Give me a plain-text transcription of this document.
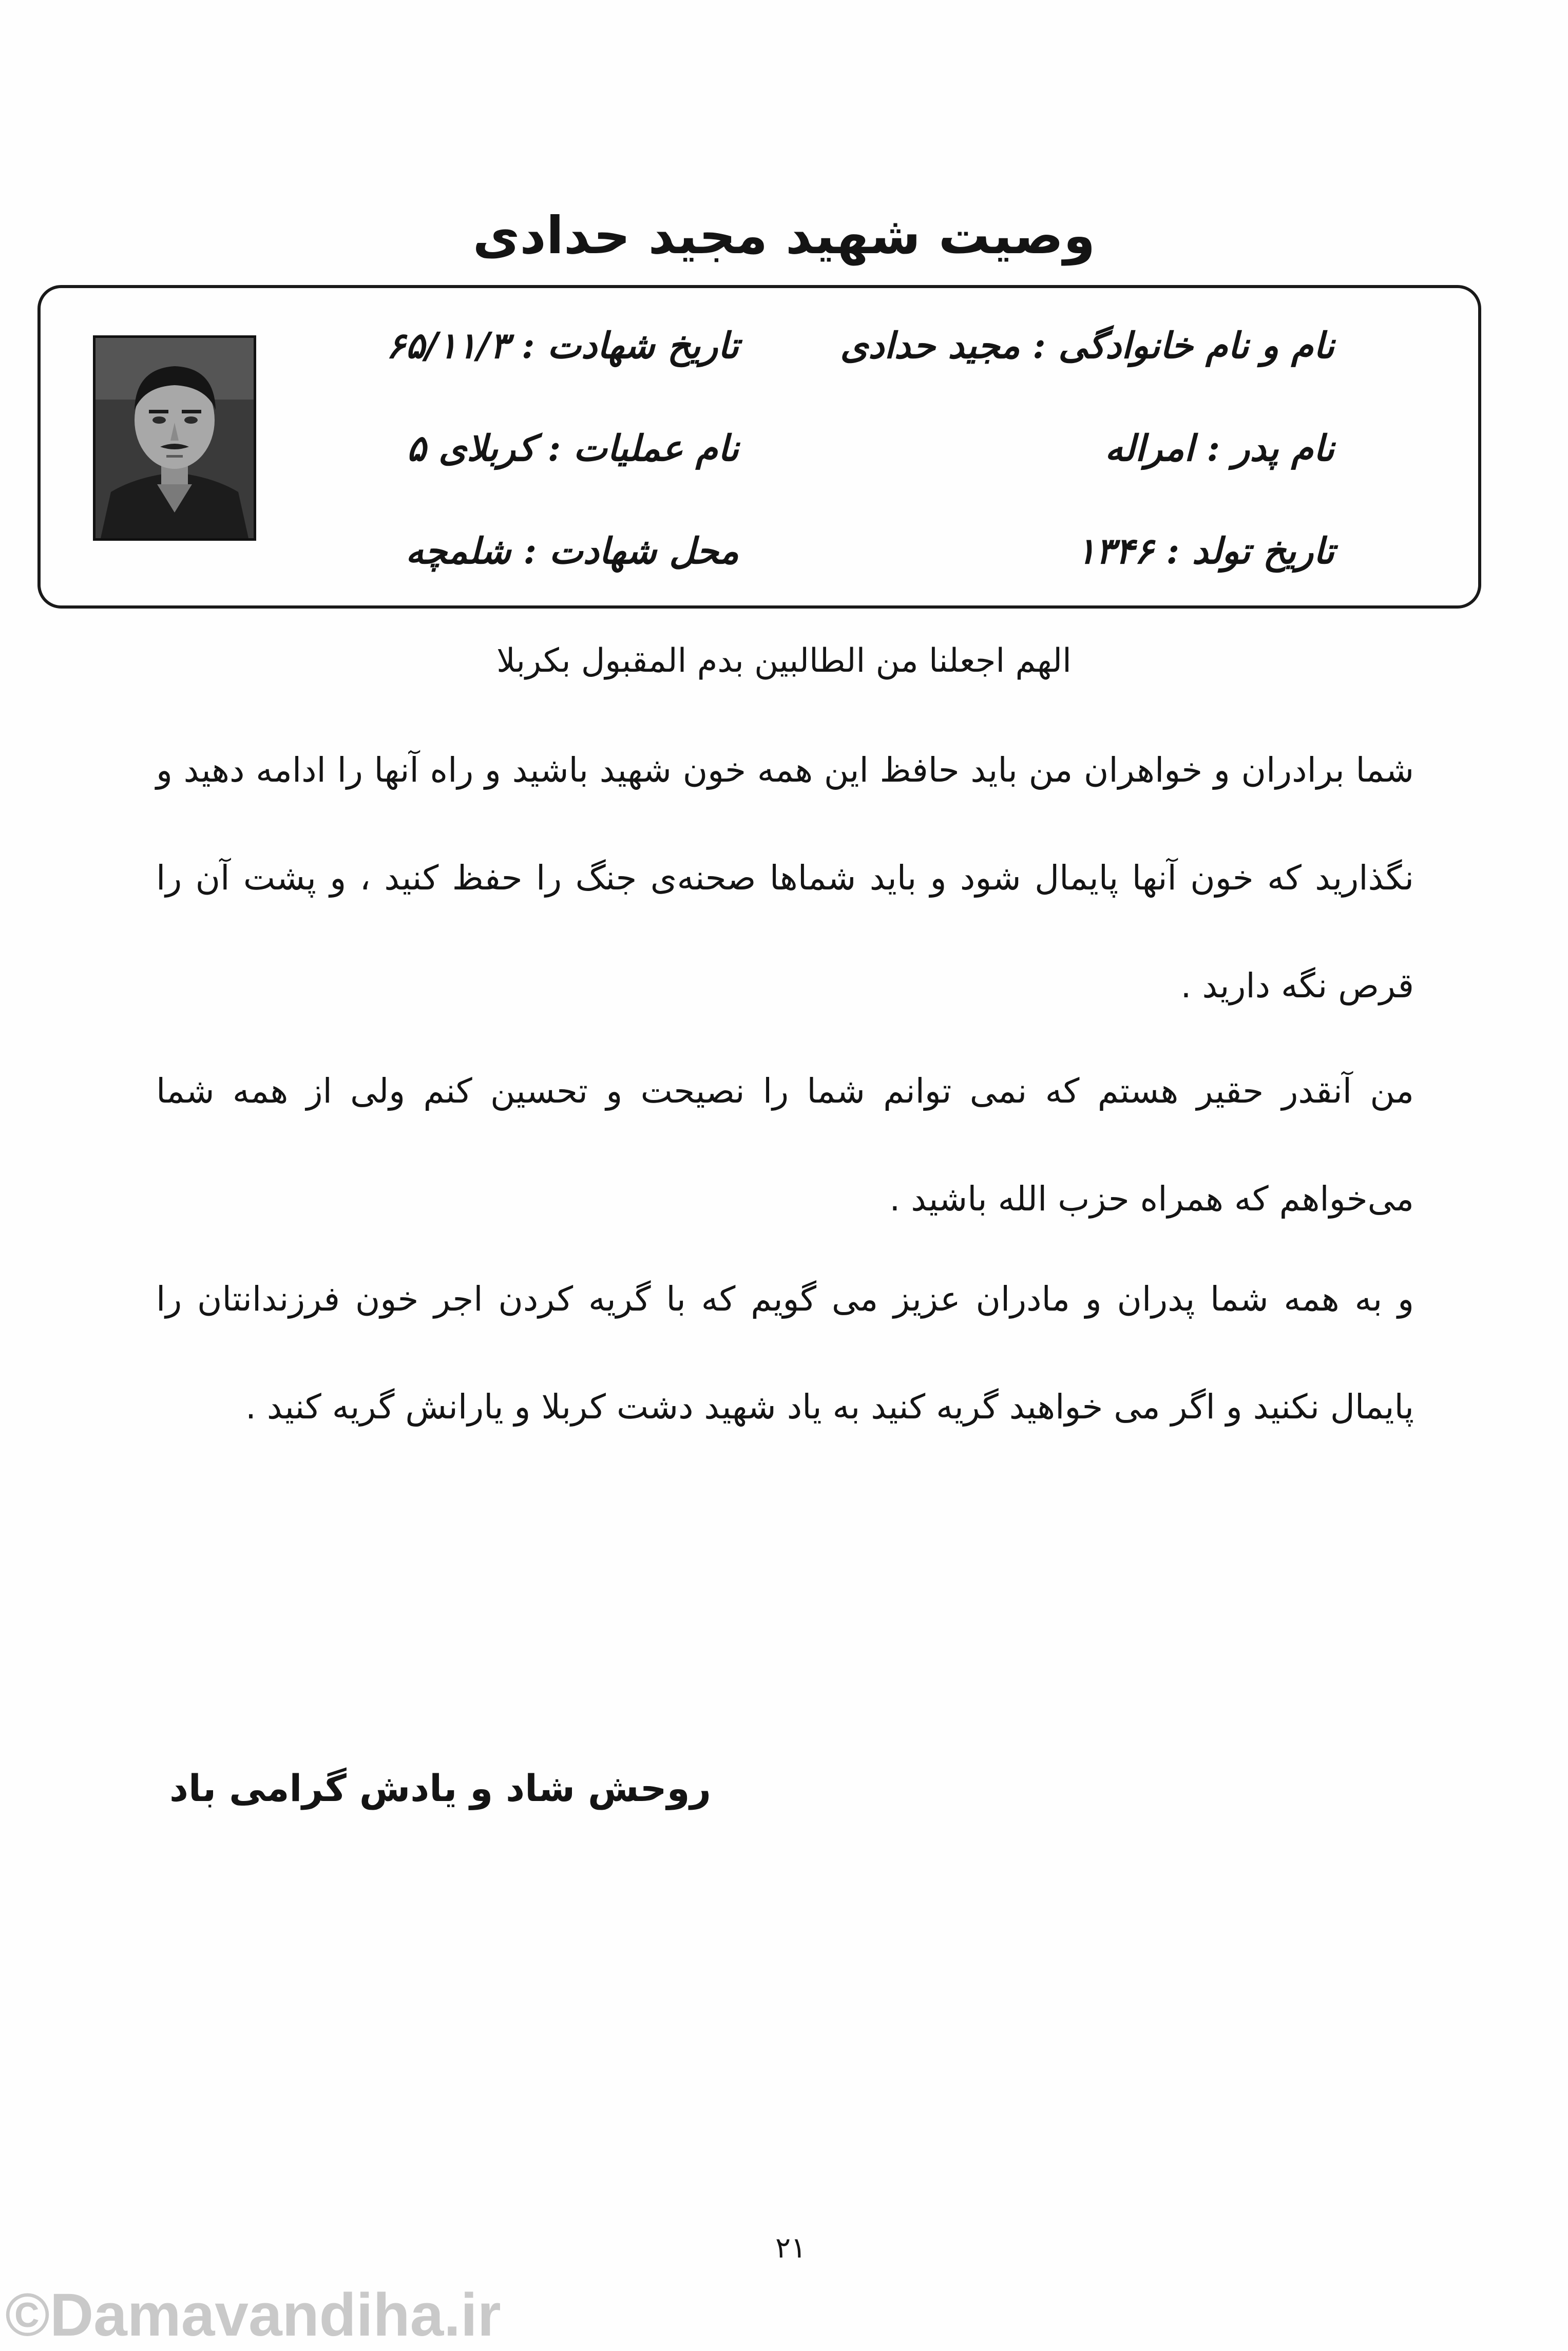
وصیت شهید مجید حدادی
نام و نام خانوادگی : مجید حدادی
تاریخ شهادت : ۶۵/۱۱/۳
نام پدر : امراله
نام عملیات : کربلای ۵
تاریخ تولد : ۱۳۴۶
محل شهادت : شلمچه
الهم اجعلنا من الطالبین بدم المقبول بکربلا
شما برادران و خواهران من باید حافظ این همه خون شهید باشید و راه آنها را ادامه دهید و نگذارید که خون آنها پایمال شود و باید شماها صحنه‌ی جنگ را حفظ کنید ، و پشت آن را قرص نگه دارید .
من آنقدر حقیر هستم که نمی توانم شما را نصیحت و تحسین کنم ولی از همه شما می‌خواهم که همراه حزب الله باشید .
و به همه شما پدران و مادران عزیز می گویم که با گریه کردن اجر خون فرزندانتان را پایمال نکنید و اگر می خواهید گریه کنید به یاد شهید دشت کربلا و یارانش گریه کنید .
روحش شاد و یادش گرامی باد
۲۱
©Damavandiha.ir
